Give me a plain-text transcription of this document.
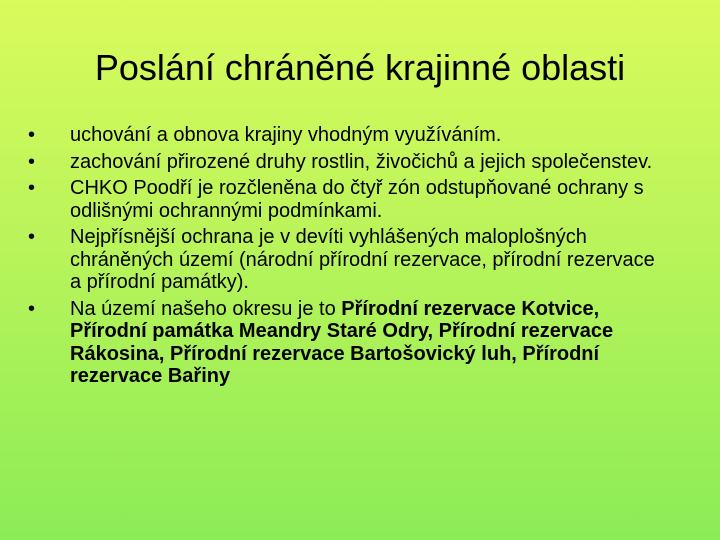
Poslání chráněné krajinné oblasti
•	uchování a obnova krajiny vhodným využíváním.
•	zachování přirozené druhy rostlin, živočichů a jejich společenstev.
•	CHKO Poodří je rozčleněna do čtyř zón odstupňované ochrany s odlišnými ochrannými podmínkami.
•	Nejpřísnější ochrana je v devíti vyhlášených maloplošných chráněných území (národní přírodní rezervace, přírodní rezervace a přírodní památky).
•	Na území našeho okresu je to Přírodní rezervace Kotvice, Přírodní památka Meandry Staré Odry, Přírodní rezervace Rákosina, Přírodní rezervace Bartošovický luh, Přírodní rezervace Bařiny
